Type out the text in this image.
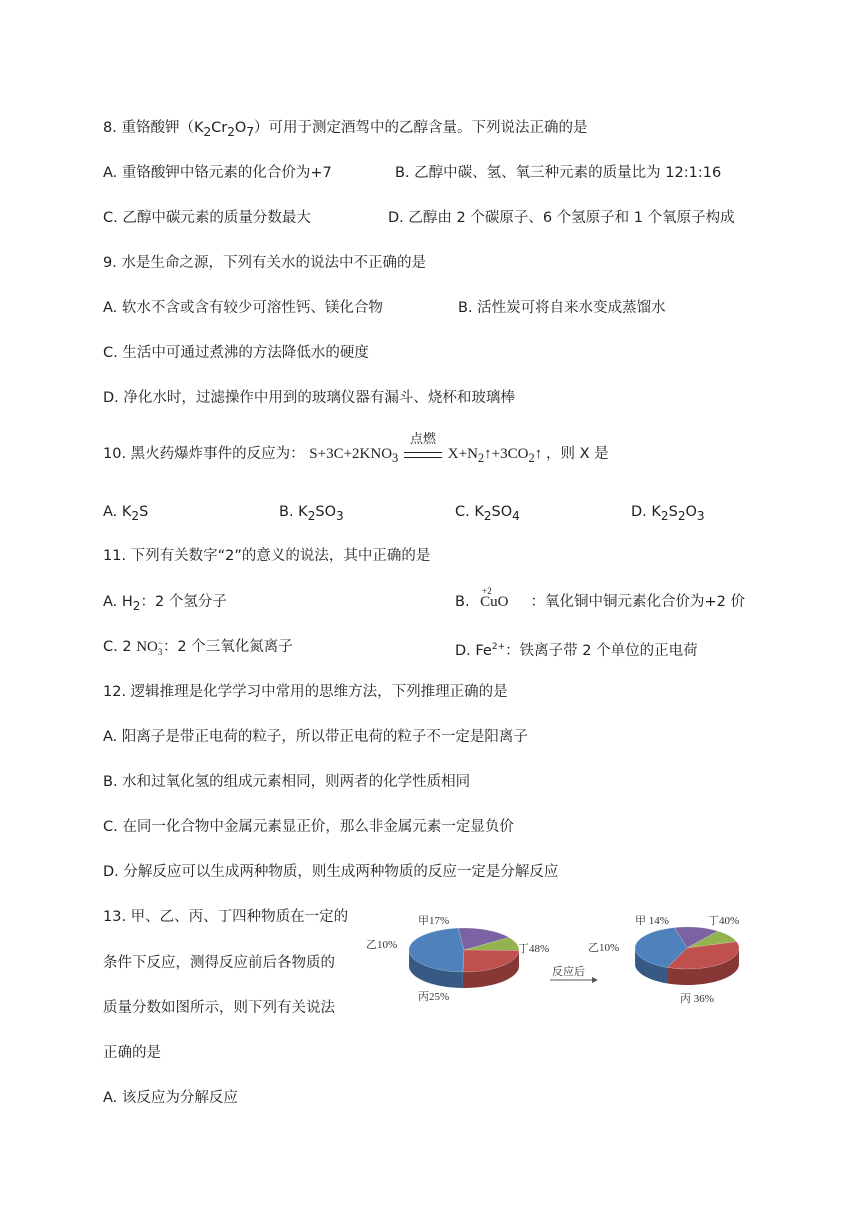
8. 重铬酸钾$(K_2Cr_2O_7)$可用于测定酒驾中的乙醇含量。下列说法正确的是
A. 重铬酸钾中铬元素的化合价为+7	B. 乙醇中碳、氢、氧三种元素的质量比为 12:1:16
C. 乙醇中碳元素的质量分数最大	D. 乙醇由 2 个碳原子、6 个氢原子和 1 个氧原子构成
9. 水是生命之源，下列有关水的说法中不正确的是
A. 软水不含或含有较少可溶性钙、镁化合物	B. 活性炭可将自来水变成蒸馏水
C. 生活中可通过煮沸的方法降低水的硬度
D. 净化水时，过滤操作中用到的玻璃仪器有漏斗、烧杯和玻璃棒
10. 黑火药爆炸事件的反应为： $S+3C+2KNO_3$
点燃
$X+N_2↑+3CO_2↑$ ，则 X 是
A. $K_2S$	B. $K_2SO_3$	C. $K_2SO_4$	D. $K_2S_2O_3$
11. 下列有关数字“2”的意义的说法，其中正确的是
A. $H_2$：2 个氢分子	B.
+2
CuO ：氧化铜中铜元素化合价为+2 价
C. 2 NO −
3 ：2 个三氧化氮离子	D. $Fe^{2+}$：铁离子带 2 个单位的正电荷
12. 逻辑推理是化学学习中常用的思维方法，下列推理正确的是
A. 阳离子是带正电荷的粒子，所以带正电荷的粒子不一定是阳离子
B. 水和过氧化氢的组成元素相同，则两者的化学性质相同
C. 在同一化合物中金属元素显正价，那么非金属元素一定显负价
D. 分解反应可以生成两种物质，则生成两种物质的反应一定是分解反应
13. 甲、乙、丙、丁四种物质在一定的
条件下反应，测得反应前后各物质的
质量分数如图所示，则下列有关说法
正确的是
A. 该反应为分解反应
反应后
甲17%
乙10%
丙25%
丁48%
甲 14%
乙10%
丙 36%
丁40%
